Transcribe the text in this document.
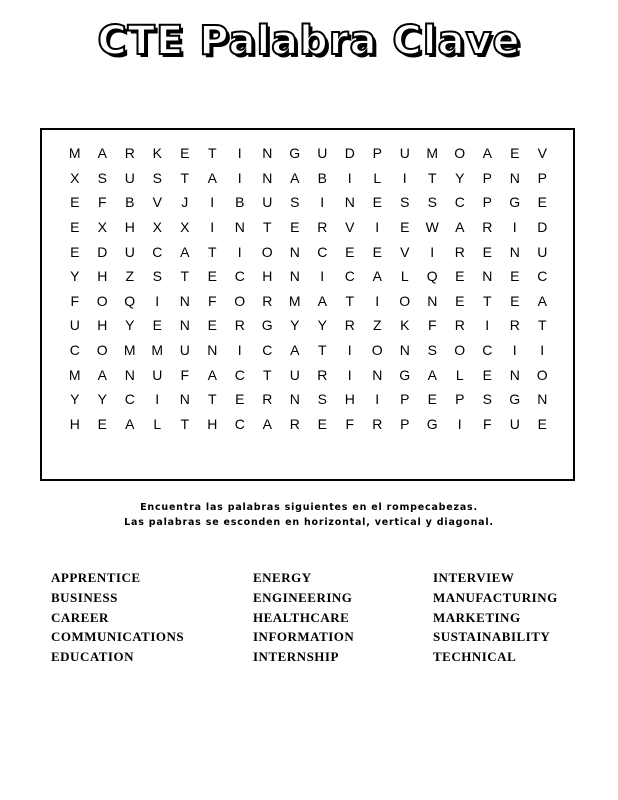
CTE Palabra Clave
M	A	R	K	E	T	I	N	G	U	D	P	U	M	O	A	E	V
X	S	U	S	T	A	I	N	A	B	I	L	I	T	Y	P	N	P
E	F	B	V	J	I	B	U	S	I	N	E	S	S	C	P	G	E
E	X	H	X	X	I	N	T	E	R	V	I	E	W	A	R	I	D
E	D	U	C	A	T	I	O	N	C	E	E	V	I	R	E	N	U
Y	H	Z	S	T	E	C	H	N	I	C	A	L	Q	E	N	E	C
F	O	Q	I	N	F	O	R	M	A	T	I	O	N	E	T	E	A
U	H	Y	E	N	E	R	G	Y	Y	R	Z	K	F	R	I	R	T
C	O	M	M	U	N	I	C	A	T	I	O	N	S	O	C	I	I
M	A	N	U	F	A	C	T	U	R	I	N	G	A	L	E	N	O
Y	Y	C	I	N	T	E	R	N	S	H	I	P	E	P	S	G	N
H	E	A	L	T	H	C	A	R	E	F	R	P	G	I	F	U	E
Encuentra las palabras siguientes en el rompecabezas.
Las palabras se esconden en horizontal, vertical y diagonal.
APPRENTICE
BUSINESS
CAREER
COMMUNICATIONS
EDUCATION
ENERGY
ENGINEERING
HEALTHCARE
INFORMATION
INTERNSHIP
INTERVIEW
MANUFACTURING
MARKETING
SUSTAINABILITY
TECHNICAL
